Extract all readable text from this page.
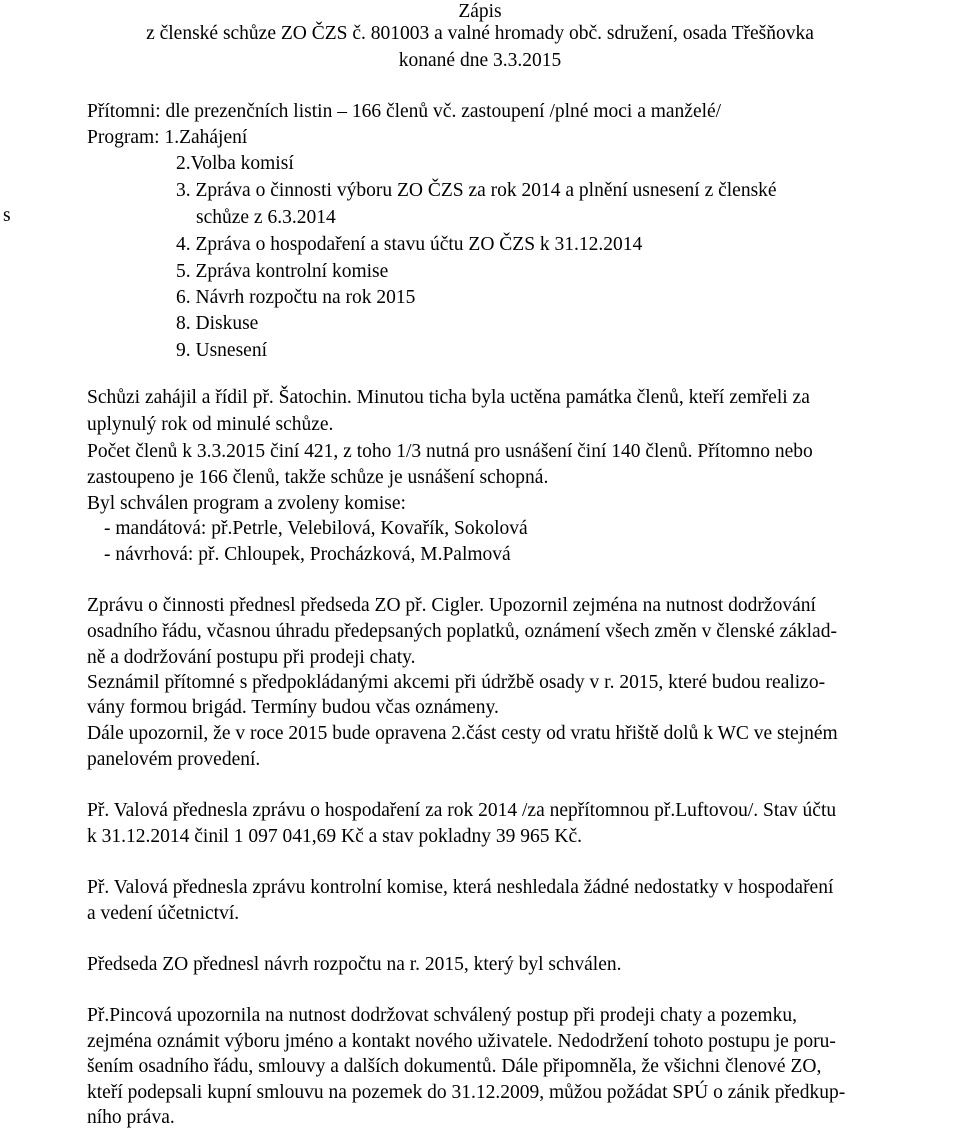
Zápis
z členské schůze ZO ČZS č. 801003 a valné hromady obč. sdružení, osada Třešňovka
konané dne 3.3.2015
s
Přítomni: dle prezenčních listin – 166 členů vč. zastoupení /plné moci a manželé/
Program: 1.Zahájení
2.Volba komisí
3. Zpráva o činnosti výboru ZO ČZS za rok 2014 a plnění usnesení z členské
schůze z 6.3.2014
4. Zpráva o hospodaření a stavu účtu ZO ČZS k 31.12.2014
5. Zpráva kontrolní komise
6. Návrh rozpočtu na rok 2015
8. Diskuse
9. Usnesení
Schůzi zahájil a řídil př. Šatochin. Minutou ticha byla uctěna památka členů, kteří zemřeli za
uplynulý rok od minulé schůze.
Počet členů k 3.3.2015 činí 421, z toho 1/3 nutná pro usnášení činí 140 členů. Přítomno nebo
zastoupeno je 166 členů, takže schůze je usnášení schopná.
Byl schválen program a zvoleny komise:
- mandátová: př.Petrle, Velebilová, Kovařík, Sokolová
- návrhová: př. Chloupek, Procházková, M.Palmová
Zprávu o činnosti přednesl předseda ZO př. Cigler. Upozornil zejména na nutnost dodržování
osadního řádu, včasnou úhradu předepsaných poplatků, oznámení všech změn v členské základ-
ně a dodržování postupu při prodeji chaty.
Seznámil přítomné s předpokládanými akcemi při údržbě osady v r. 2015, které budou realizo-
vány formou brigád. Termíny budou včas oznámeny.
Dále upozornil, že v roce 2015 bude opravena 2.část cesty od vratu hřiště dolů k WC ve stejném
panelovém provedení.
Př. Valová přednesla zprávu o hospodaření za rok 2014 /za nepřítomnou př.Luftovou/. Stav účtu
k 31.12.2014 činil 1 097 041,69 Kč a stav pokladny 39 965 Kč.
Př. Valová přednesla zprávu kontrolní komise, která neshledala žádné nedostatky v hospodaření
a vedení účetnictví.
Předseda ZO přednesl návrh rozpočtu na r. 2015, který byl schválen.
Př.Pincová upozornila na nutnost dodržovat schválený postup při prodeji chaty a pozemku,
zejména oznámit výboru jméno a kontakt nového uživatele. Nedodržení tohoto postupu je poru-
šením osadního řádu, smlouvy a dalších dokumentů. Dále připomněla, že všichni členové ZO,
kteří podepsali kupní smlouvu na pozemek do 31.12.2009, můžou požádat SPÚ o zánik předkup-
ního práva.
